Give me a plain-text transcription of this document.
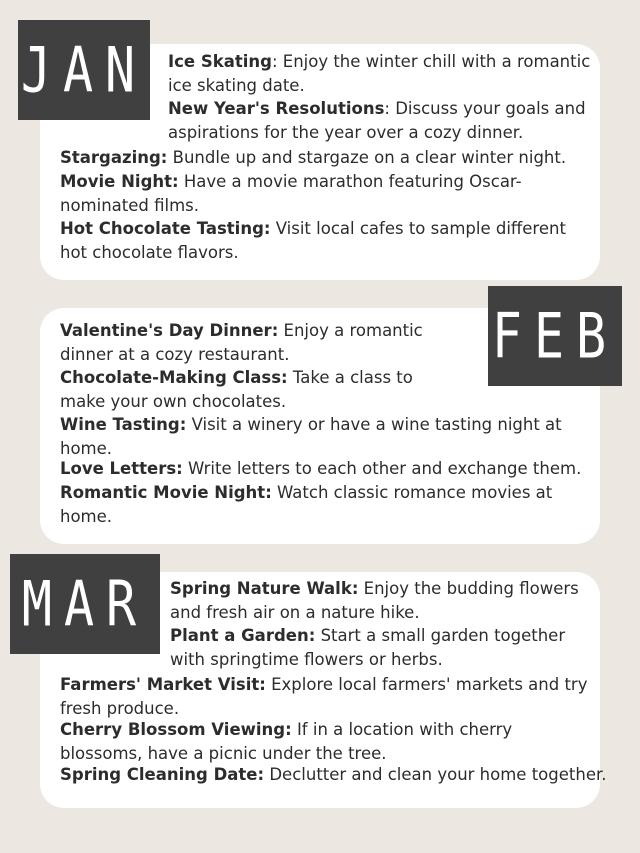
JAN Ice Skating: Enjoy the winter chill with a romantic ice skating date.

New Year's Resolutions: Discuss your goals and aspirations for the year over a cozy dinner.

Stargazing: Bundle up and stargaze on a clear winter night.

Movie Night: Have a movie marathon featuring Oscar-nominated films.

Hot Chocolate Tasting: Visit local cafes to sample different hot chocolate flavors.

FEB

Valentine's Day Dinner: Enjoy a romantic dinner at a cozy restaurant.

Chocolate-Making Class: Take a class to make your own chocolates.

Wine Tasting: Visit a winery or have a wine tasting night at home.

Love Letters: Write letters to each other and exchange them.

Romantic Movie Night: Watch classic romance movies at home.

MAR Spring Nature Walk: Enjoy the budding flowers and fresh air on a nature hike.

Plant a Garden: Start a small garden together with springtime flowers or herbs.

Farmers' Market Visit: Explore local farmers' markets and try fresh produce.

Cherry Blossom Viewing: If in a location with cherry blossoms, have a picnic under the tree.

Spring Cleaning Date: Declutter and clean your home together.
